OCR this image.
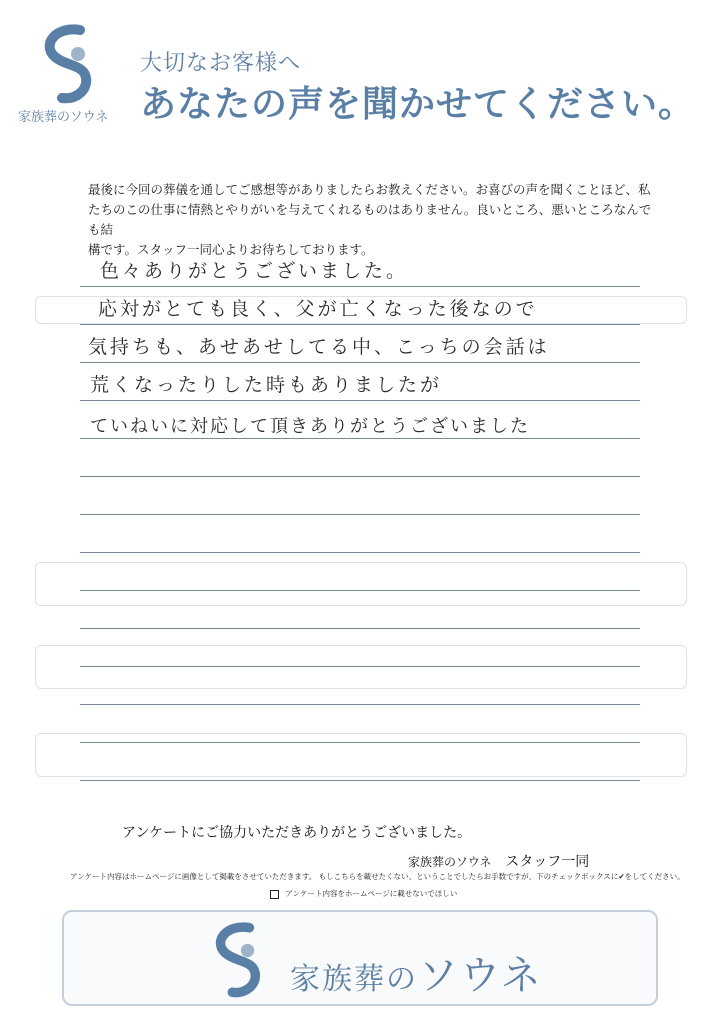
家族葬のソウネ
大切なお客様へ
あなたの声を聞かせてください。
最後に今回の葬儀を通してご感想等がありましたらお教えください。お喜びの声を聞くことほど、私
たちのこの仕事に情熱とやりがいを与えてくれるものはありません。良いところ、悪いところなんでも結
構です。スタッフ一同心よりお待ちしております。
色々ありがとうございました。
応対がとても良く、父が亡くなった後なので
気持ちも、あせあせしてる中、こっちの会話は
荒くなったりした時もありましたが
ていねいに対応して頂きありがとうございました
アンケートにご協力いただきありがとうございました。
家族葬のソウネ スタッフ一同
アンケート内容はホームページに画像として掲載をさせていただきます。 もしこちらを載せたくない、ということでしたらお手数ですが、下のチェックボックスに✔をしてください。
アンケート内容をホームページに載せないでほしい
家族葬のソウネ
